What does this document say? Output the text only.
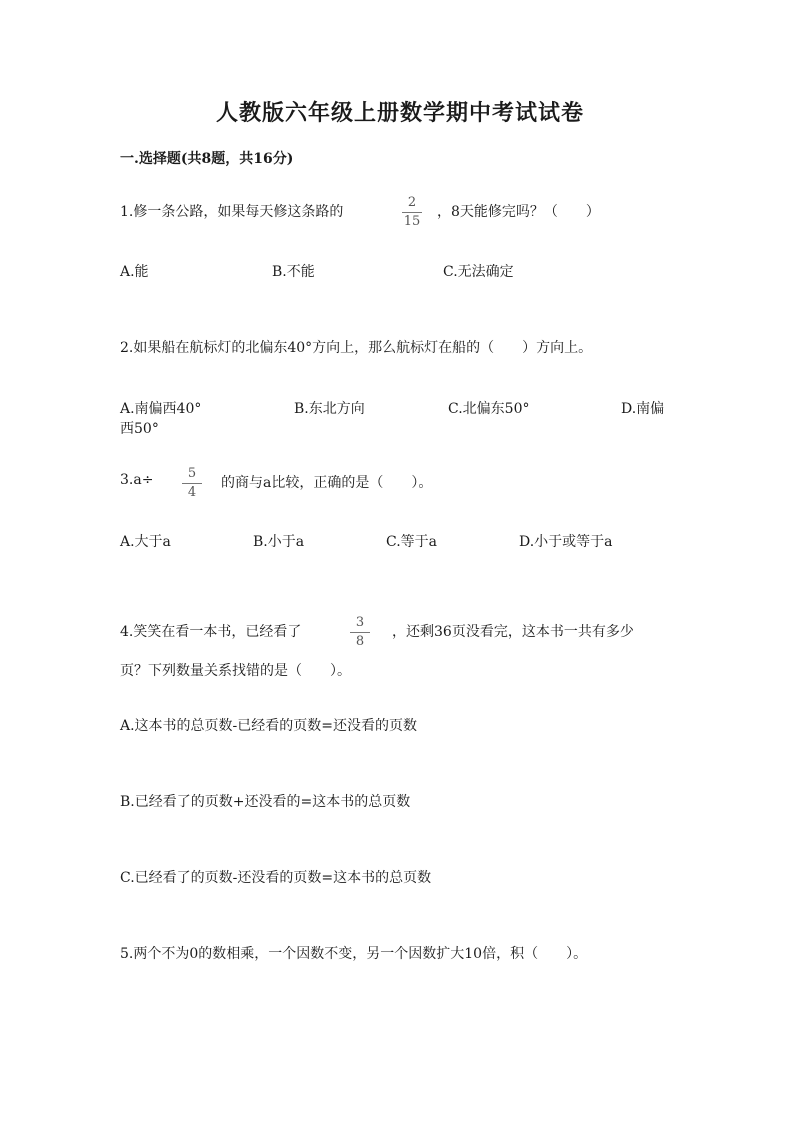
人教版六年级上册数学期中考试试卷
一.选择题(共8题，共16分)
1.修一条公路，如果每天修这条路的
2
15
，8天能修完吗？（　　）
A.能	B.不能	C.无法确定
2.如果船在航标灯的北偏东40°方向上，那么航标灯在船的（　　）方向上。
A.南偏西40°	B.东北方向	C.北偏东50°	D.南偏
西50°
3.a÷	5
4
的商与a比较，正确的是（　　）。
A.大于a	B.小于a	C.等于a	D.小于或等于a
4.笑笑在看一本书，已经看了
3
8
，还剩36页没看完，这本书一共有多少
页？下列数量关系找错的是（　　）。
A.这本书的总页数-已经看的页数=还没看的页数
B.已经看了的页数+还没看的=这本书的总页数
C.已经看了的页数-还没看的页数=这本书的总页数
5.两个不为0的数相乘，一个因数不变，另一个因数扩大10倍，积（　　）。
